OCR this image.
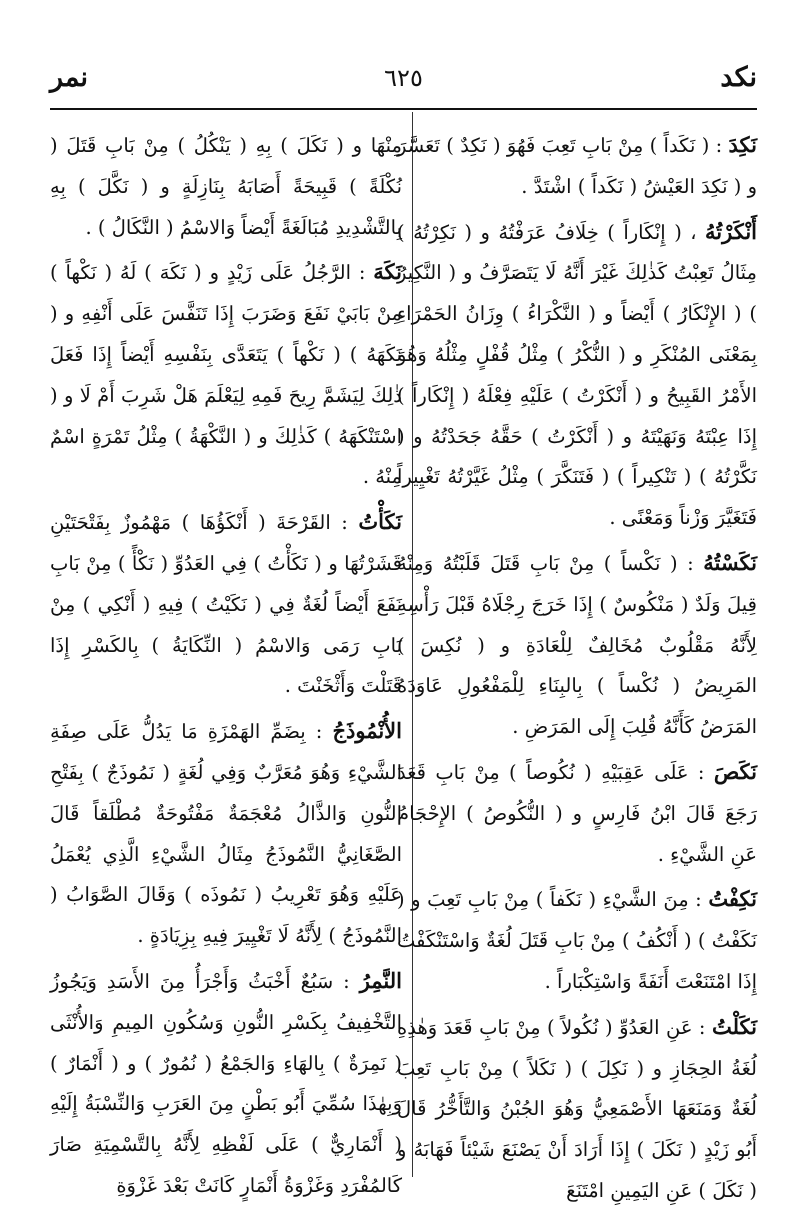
نكد
٦٢٥
نمر

نَكِدَ : ( نَكَداً ) مِنْ بَابِ تَعِبَ فَهُوَ ( نَكِدٌ ) تَعَسَّرَ و ( نَكِدَ العَيْشُ ( نَكَداً ) اشْتَدَّ .

أَنْكَرْتُهُ ، ( إِنْكَاراً ) خِلَافُ عَرَفْتُهُ و ( نَكِرْتُهُ ) مِثَالُ تَعِبْتُ كَذٰلِكَ غَيْرَ أَنَّهُ لَا يَتَصَرَّفُ و ( النَّكِيرُ ) ( الإِنْكَارُ ) أَيْضاً و ( النَّكْرَاءُ ) وِزَانُ الحَمْرَاءِ بِمَعْنَى المُنْكَرِ و ( النُّكْرُ ) مِثْلُ قُفْلٍ مِثْلُهُ وَهُوَ الأَمْرُ القَبِيحُ و ( أَنْكَرْتُ ) عَلَيْهِ فِعْلَهُ ( إِنْكَاراً ) إِذَا عِبْتَهُ وَنَهَيْتَهُ و ( أَنْكَرْتُ ) حَقَّهُ جَحَدْتُهُ و ( نَكَّرْتُهُ ) ( تَنْكِيراً ) ( فَتَنَكَّرَ ) مِثْلُ غَيَّرْتُهُ تَغْيِيراً فَتَغَيَّرَ وَزْناً وَمَعْنًى .

نَكَسْتُهُ : ( نَكْساً ) مِنْ بَابِ قَتَلَ قَلَبْتُهُ وَمِنْهُ قِيلَ وَلَدٌ ( مَنْكُوسٌ ) إِذَا خَرَجَ رِجْلَاهُ قَبْلَ رَأْسِهِ لِأَنَّهُ مَقْلُوبٌ مُخَالِفٌ لِلْعَادَةِ و ( نُكِسَ ) المَرِيضُ ( نُكْساً ) بِالبِنَاءِ لِلْمَفْعُولِ عَاوَدَهُ المَرَضُ كَأَنَّهُ قُلِبَ إِلَى المَرَضِ .

نَكَصَ : عَلَى عَقِبَيْهِ ( نُكُوصاً ) مِنْ بَابِ قَعَدَ رَجَعَ قَالَ ابْنُ فَارِسٍ و ( النُّكُوصُ ) الإِحْجَامُ عَنِ الشَّيْءِ .

نَكِفْتُ : مِنَ الشَّيْءِ ( نَكَفاً ) مِنْ بَابِ تَعِبَ و ( نَكَفْتُ ) ( أَنْكُفُ ) مِنْ بَابِ قَتَلَ لُغَةٌ وَاسْتَنْكَفْتُ إِذَا امْتَنَعْتَ أَنَفَةً وَاسْتِكْبَاراً .

نَكَلْتُ : عَنِ العَدُوِّ ( نُكُولاً ) مِنْ بَابِ قَعَدَ وَهٰذِهِ لُغَةُ الحِجَازِ و ( نَكِلَ ) ( نَكَلاً ) مِنْ بَابِ تَعِبَ لُغَةٌ وَمَنَعَهَا الأَصْمَعِيُّ وَهُوَ الجُبْنُ وَالتَّأَخُّرُ قَالَ أَبُو زَيْدٍ ( نَكَلَ ) إِذَا أَرَادَ أَنْ يَصْنَعَ شَيْئاً فَهَابَهُ و ( نَكَلَ ) عَنِ اليَمِينِ امْتَنَعَ

مِنْهَا و ( نَكَلَ ) بِهِ ( يَنْكُلُ ) مِنْ بَابِ قَتَلَ ( نُكْلَةً ) قَبِيحَةً أَصَابَهُ بِنَازِلَةٍ و ( نَكَّلَ ) بِهِ بِالتَّشْدِيدِ مُبَالَغَةً أَيْضاً وَالاسْمُ ( النَّكَالُ ) .

نَكَهَ : الرَّجُلُ عَلَى زَيْدٍ و ( نَكَهَ ) لَهُ ( نَكْهاً ) مِنْ بَابَيْ نَفَعَ وَضَرَبَ إِذَا تَنَفَّسَ عَلَى أَنْفِهِ و ( نَكَهَهُ ) ( نَكْهاً ) يَتَعَدَّى بِنَفْسِهِ أَيْضاً إِذَا فَعَلَ ذٰلِكَ لِيَشَمَّ رِيحَ فَمِهِ لِيَعْلَمَ هَلْ شَرِبَ أَمْ لَا و ( اسْتَنْكَهَهُ ) كَذٰلِكَ و ( النَّكْهَةُ ) مِثْلُ تَمْرَةٍ اسْمٌ مِنْهُ .

نَكَأْتُ : القَرْحَةَ ( أَنْكَؤُهَا ) مَهْمُوزٌ بِفَتْحَتَيْنِ قَشَرْتُهَا و ( نَكَأْتُ ) فِي العَدُوِّ ( نَكْأً ) مِنْ بَابِ نَفَعَ أَيْضاً لُغَةٌ فِي ( نَكَيْتُ ) فِيهِ ( أَنْكِي ) مِنْ بَابِ رَمَى وَالاسْمُ ( النِّكَايَةُ ) بِالكَسْرِ إِذَا قَتَلْتَ وَأَثْخَنْتَ .

الأُنْمُوذَجُ : بِضَمِّ الهَمْزَةِ مَا يَدُلُّ عَلَى صِفَةِ الشَّيْءِ وَهُوَ مُعَرَّبٌ وَفِي لُغَةٍ ( نَمُوذَجٌ ) بِفَتْحِ النُّونِ وَالذَّالُ مُعْجَمَةٌ مَفْتُوحَةٌ مُطْلَقاً قَالَ الصَّغَانِيُّ النَّمُوذَجُ مِثَالُ الشَّيْءِ الَّذِي يُعْمَلُ عَلَيْهِ وَهُوَ تَعْرِيبُ ( نَمُوذَه ) وَقَالَ الصَّوَابُ ( النَّمُوذَجُ ) لِأَنَّهُ لَا تَغْيِيرَ فِيهِ بِزِيَادَةٍ .

النَّمِرُ : سَبُعٌ أَخْبَثُ وَأَجْرَأُ مِنَ الأَسَدِ وَيَجُوزُ التَّخْفِيفُ بِكَسْرِ النُّونِ وَسُكُونِ المِيمِ وَالأُنْثَى ( نَمِرَةٌ ) بِالهَاءِ وَالجَمْعُ ( نُمُورٌ ) و ( أَنْمَارٌ ) وَبِهٰذَا سُمِّيَ أَبُو بَطْنٍ مِنَ العَرَبِ وَالنِّسْبَةُ إِلَيْهِ ( أَنْمَارِيٌّ ) عَلَى لَفْظِهِ لِأَنَّهُ بِالتَّسْمِيَةِ صَارَ كَالمُفْرَدِ وَغَزْوَةُ أَنْمَارٍ كَانَتْ بَعْدَ غَزْوَةِ
